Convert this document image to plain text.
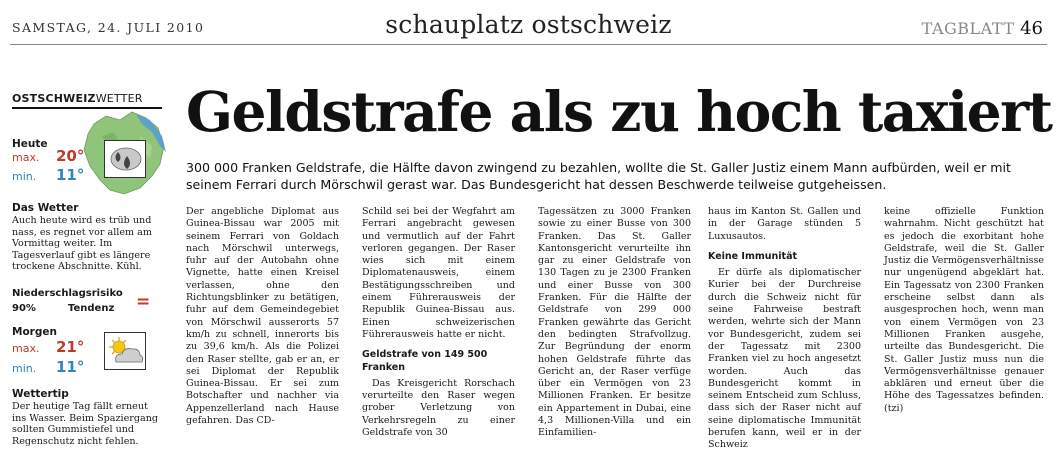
SAMSTAG, 24. JULI 2010	schauplatz ostschweiz	TAGBLATT 46
OSTSCHWEIZWETTER
Heute
max. 20°
min. 11°
Das Wetter
Auch heute wird es trüb und nass, es regnet vor allem am Vormittag weiter. Im Tagesverlauf gibt es längere trockene Abschnitte. Kühl.
Niederschlagsrisiko
90%	Tendenz =
Morgen
max. 21°
min. 11°
Wettertip
Der heutige Tag fällt erneut ins Wasser. Beim Spaziergang sollten Gummistiefel und Regenschutz nicht fehlen.
Geldstrafe als zu hoch taxiert
300 000 Franken Geldstrafe, die Hälfte davon zwingend zu bezahlen, wollte die St. Galler Justiz einem Mann aufbürden, weil er mit seinem Ferrari durch Mörschwil gerast war. Das Bundesgericht hat dessen Beschwerde teilweise gutgeheissen.

Der angebliche Diplomat aus Guinea-Bissau war 2005 mit seinem Ferrari von Goldach nach Mörschwil unterwegs, fuhr auf der Autobahn ohne Vignette, hatte einen Kreisel verlassen, ohne den Richtungsblinker zu betätigen, fuhr auf dem Gemeindegebiet von Mörschwil ausserorts 57 km/h zu schnell, innerorts bis zu 39,6 km/h. Als die Polizei den Raser stellte, gab er an, er sei Diplomat der Republik Guinea-Bissau. Er sei zum Botschafter und nachher via Appenzellerland nach Hause gefahren. Das CD-

Schild sei bei der Wegfahrt am Ferrari angebracht gewesen und vermutlich auf der Fahrt verloren gegangen. Der Raser wies sich mit einem Diplomatenausweis, einem Bestätigungsschreiben und einem Führerausweis der Republik Guinea-Bissau aus. Einen schweizerischen Führerausweis hatte er nicht.

Geldstrafe von 149 500 Franken

Das Kreisgericht Rorschach verurteilte den Raser wegen grober Verletzung von Verkehrsregeln zu einer Geldstrafe von 30

Tagessätzen zu 3000 Franken sowie zu einer Busse von 300 Franken. Das St. Galler Kantonsgericht verurteilte ihn gar zu einer Geldstrafe von 130 Tagen zu je 2300 Franken und einer Busse von 300 Franken. Für die Hälfte der Geldstrafe von 299 000 Franken gewährte das Gericht den bedingten Strafvollzug. Zur Begründung der enorm hohen Geldstrafe führte das Gericht an, der Raser verfüge über ein Vermögen von 23 Millionen Franken. Er besitze ein Appartement in Dubai, eine 4,3 Millionen-Villa und ein Einfamilien-

haus im Kanton St. Gallen und in der Garage stünden 5 Luxusautos.

Keine Immunität

Er dürfe als diplomatischer Kurier bei der Durchreise durch die Schweiz nicht für seine Fahrweise bestraft werden, wehrte sich der Mann vor Bundesgericht, zudem sei der Tagessatz mit 2300 Franken viel zu hoch angesetzt worden. Auch das Bundesgericht kommt in seinem Entscheid zum Schluss, dass sich der Raser nicht auf seine diplomatische Immunität berufen kann, weil er in der Schweiz

keine offizielle Funktion wahrnahm. Nicht geschützt hat es jedoch die exorbitant hohe Geldstrafe, weil die St. Galler Justiz die Vermögensverhältnisse nur ungenügend abgeklärt hat. Ein Tagessatz von 2300 Franken erscheine selbst dann als ausgesprochen hoch, wenn man von einem Vermögen von 23 Millionen Franken ausgehe, urteilte das Bundesgericht. Die St. Galler Justiz muss nun die Vermögensverhältnisse genauer abklären und erneut über die Höhe des Tagessatzes befinden. (tzi)
